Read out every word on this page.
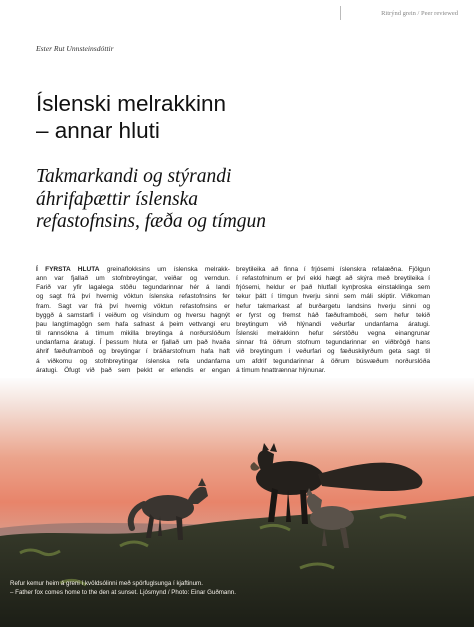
Ritrýnd grein / Peer reviewed
Ester Rut Unnsteinsdóttir
Íslenski melrakkinn
– annar hluti
Takmarkandi og stýrandi
áhrifaþættir íslenska
refastofnsins, fæða og tímgun
Í FYRSTA HLUTA greinaflokksins um íslenska melrakk-
ann var fjallað um stofnbreytingar, veiðar og verndun.
Farið var yfir lagalega stöðu tegundarinnar hér á landi
og sagt frá því hvernig vöktun íslenska refastofnsins fer
fram. Sagt var frá því hvernig vöktun refastofnsins er
byggð á samstarfi í veiðum og vísindum og hversu hagnýt
þau langtímagögn sem hafa safnast á þeim vettvangi eru
til rannsókna á tímum mikilla breytinga á norðurslóðum
undanfarna áratugi. Í þessum hluta er fjallað um það hvaða
áhrif fæðuframboð og breytingar í bráðarstofnum hafa haft
á viðkomu og stofnbreytingar íslenska refa undanfarna
áratugi. Öfugt við það sem þekkt er erlendis er engan
breytileika að finna í frjósemi íslenskra refalæðna. Fjölgun
í refastofninum er því ekki hægt að skýra með breytileika í
frjósemi, heldur er það hlutfall kynþroska einstaklinga sem
tekur þátt í tímgun hverju sinni sem máli skiptir. Viðkoman
hefur takmarkast af burðargetu landsins hverju sinni og
er fyrst og fremst háð fæðuframboði, sem hefur tekið
breytingum við hlýnandi veðurfar undanfarna áratugi.
Íslenski melrakkinn hefur sérstöðu vegna einangrunar
sinnar frá öðrum stofnum tegundarinnar en viðbrögð hans
við breytingum í veðurfari og fæðuskilyrðum geta sagt til
um afdrif tegundarinnar á öðrum búsvæðum norðurslóða
á tímum hnattrænnar hlýnunar.
Refur kemur heim á greni í kvöldsólinni með spörfuglsunga í kjaftinum.
– Father fox comes home to the den at sunset. Ljósmynd / Photo: Einar Guðmann.
